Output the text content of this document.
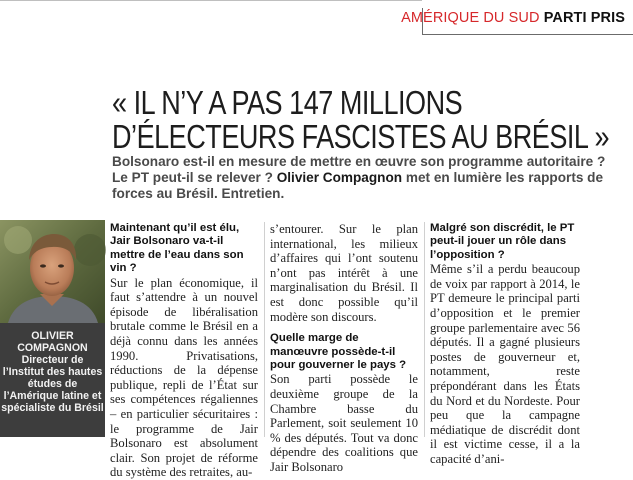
AMÉRIQUE DU SUD PARTI PRIS
« IL N’Y A PAS 147 MILLIONS D’ÉLECTEURS FASCISTES AU BRÉSIL »

Bolsonaro est-il en mesure de mettre en œuvre son programme autoritaire ? Le PT peut-il se relever ? Olivier Compagnon met en lumière les rapports de forces au Brésil. Entretien.

OLIVIER COMPAGNON
Directeur de l’Institut des hautes études de l’Amérique latine et spécialiste du Brésil
Maintenant qu’il est élu, Jair Bolsonaro va-t-il mettre de l’eau dans son vin ?
Sur le plan économique, il faut s’attendre à un nouvel épisode de libéralisation brutale comme le Brésil en a déjà connu dans les années 1990. Privatisations, réductions de la dépense publique, repli de l’État sur ses compétences régaliennes – en particulier sécuritaires : le programme de Jair Bolsonaro est absolument clair. Son projet de réforme du système des retraites, au-
s’entourer. Sur le plan international, les milieux d’affaires qui l’ont soutenu n’ont pas intérêt à une marginalisation du Brésil. Il est donc possible qu’il modère son discours.
Quelle marge de manœuvre possède-t-il pour gouverner le pays ?
Son parti possède le deuxième groupe de la Chambre basse du Parlement, soit seulement 10 % des députés. Tout va donc dépendre des coalitions que Jair Bolsonaro
Malgré son discrédit, le PT peut-il jouer un rôle dans l’opposition ?
Même s’il a perdu beaucoup de voix par rapport à 2014, le PT demeure le principal parti d’opposition et le premier groupe parlementaire avec 56 députés. Il a gagné plusieurs postes de gouverneur et, notamment, reste prépondérant dans les États du Nord et du Nordeste. Pour peu que la campagne médiatique de discrédit dont il est victime cesse, il a la capacité d’ani-
